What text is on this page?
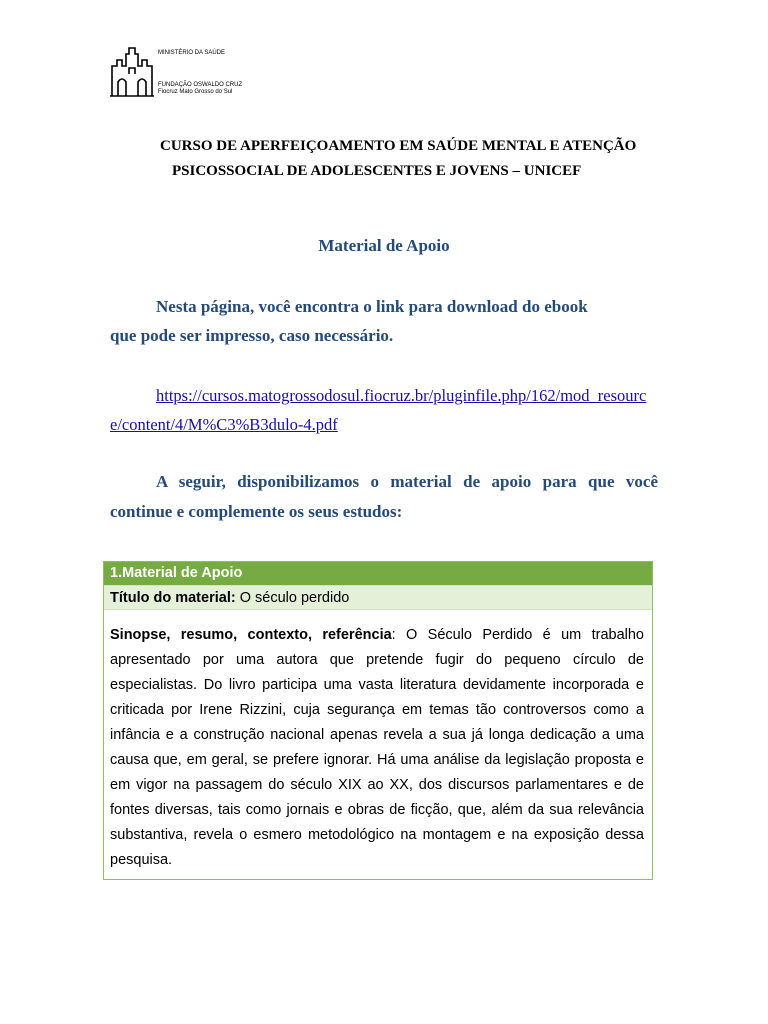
MINISTÉRIO DA SAÚDE
FUNDAÇÃO OSWALDO CRUZ
Fiocruz Mato Grosso do Sul
CURSO DE APERFEIÇOAMENTO EM SAÚDE MENTAL E ATENÇÃO
PSICOSSOCIAL DE ADOLESCENTES E JOVENS – UNICEF
Material de Apoio
Nesta página, você encontra o link para download do ebook
que pode ser impresso, caso necessário.
https://cursos.matogrossodosul.fiocruz.br/pluginfile.php/162/mod_resource/content/4/M%C3%B3dulo-4.pdf
A seguir, disponibilizamos o material de apoio para que você continue e complemente os seus estudos:
1.Material de Apoio
Título do material: O século perdido
Sinopse, resumo, contexto, referência: O Século Perdido é um trabalho apresentado por uma autora que pretende fugir do pequeno círculo de especialistas. Do livro participa uma vasta literatura devidamente incorporada e criticada por Irene Rizzini, cuja segurança em temas tão controversos como a infância e a construção nacional apenas revela a sua já longa dedicação a uma causa que, em geral, se prefere ignorar. Há uma análise da legislação proposta e em vigor na passagem do século XIX ao XX, dos discursos parlamentares e de fontes diversas, tais como jornais e obras de ficção, que, além da sua relevância substantiva, revela o esmero metodológico na montagem e na exposição dessa pesquisa.
